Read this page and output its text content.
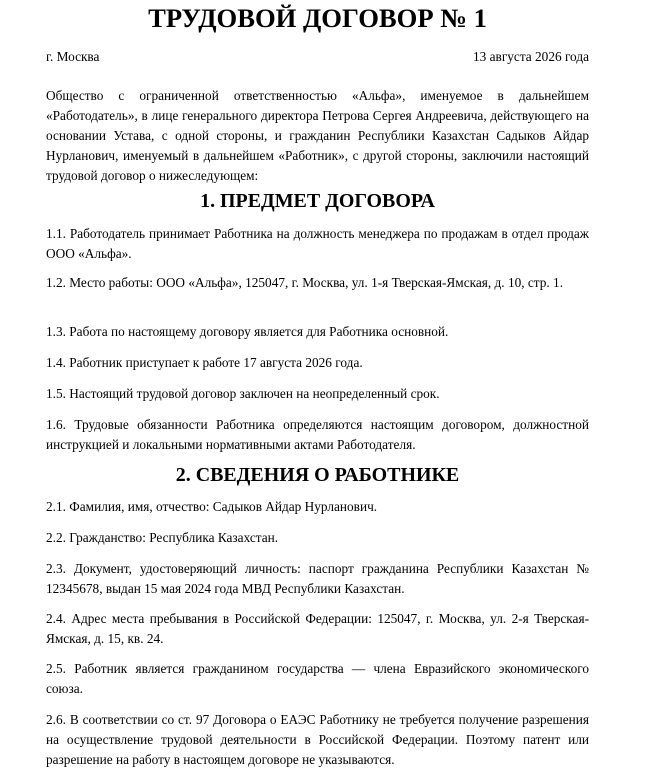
ТРУДОВОЙ ДОГОВОР № 1
г. Москва	13 августа 2026 года

Общество с ограниченной ответственностью «Альфа», именуемое в дальнейшем «Работодатель», в лице генерального директора Петрова Сергея Андреевича, действующего на основании Устава, с одной стороны, и гражданин Республики Казахстан Садыков Айдар Нурланович, именуемый в дальнейшем «Работник», с другой стороны, заключили настоящий трудовой договор о нижеследующем:

1. ПРЕДМЕТ ДОГОВОРА

1.1. Работодатель принимает Работника на должность менеджера по продажам в отдел продаж ООО «Альфа».

1.2. Место работы: ООО «Альфа», 125047, г. Москва, ул. 1-я Тверская-Ямская, д. 10, стр. 1.

1.3. Работа по настоящему договору является для Работника основной.

1.4. Работник приступает к работе 17 августа 2026 года.

1.5. Настоящий трудовой договор заключен на неопределенный срок.

1.6. Трудовые обязанности Работника определяются настоящим договором, должностной инструкцией и локальными нормативными актами Работодателя.

2. СВЕДЕНИЯ О РАБОТНИКЕ

2.1. Фамилия, имя, отчество: Садыков Айдар Нурланович.

2.2. Гражданство: Республика Казахстан.

2.3. Документ, удостоверяющий личность: паспорт гражданина Республики Казахстан № 12345678, выдан 15 мая 2024 года МВД Республики Казахстан.

2.4. Адрес места пребывания в Российской Федерации: 125047, г. Москва, ул. 2-я Тверская-Ямская, д. 15, кв. 24.

2.5. Работник является гражданином государства — члена Евразийского экономического союза.

2.6. В соответствии со ст. 97 Договора о ЕАЭС Работнику не требуется получение разрешения на осуществление трудовой деятельности в Российской Федерации. Поэтому патент или разрешение на работу в настоящем договоре не указываются.
